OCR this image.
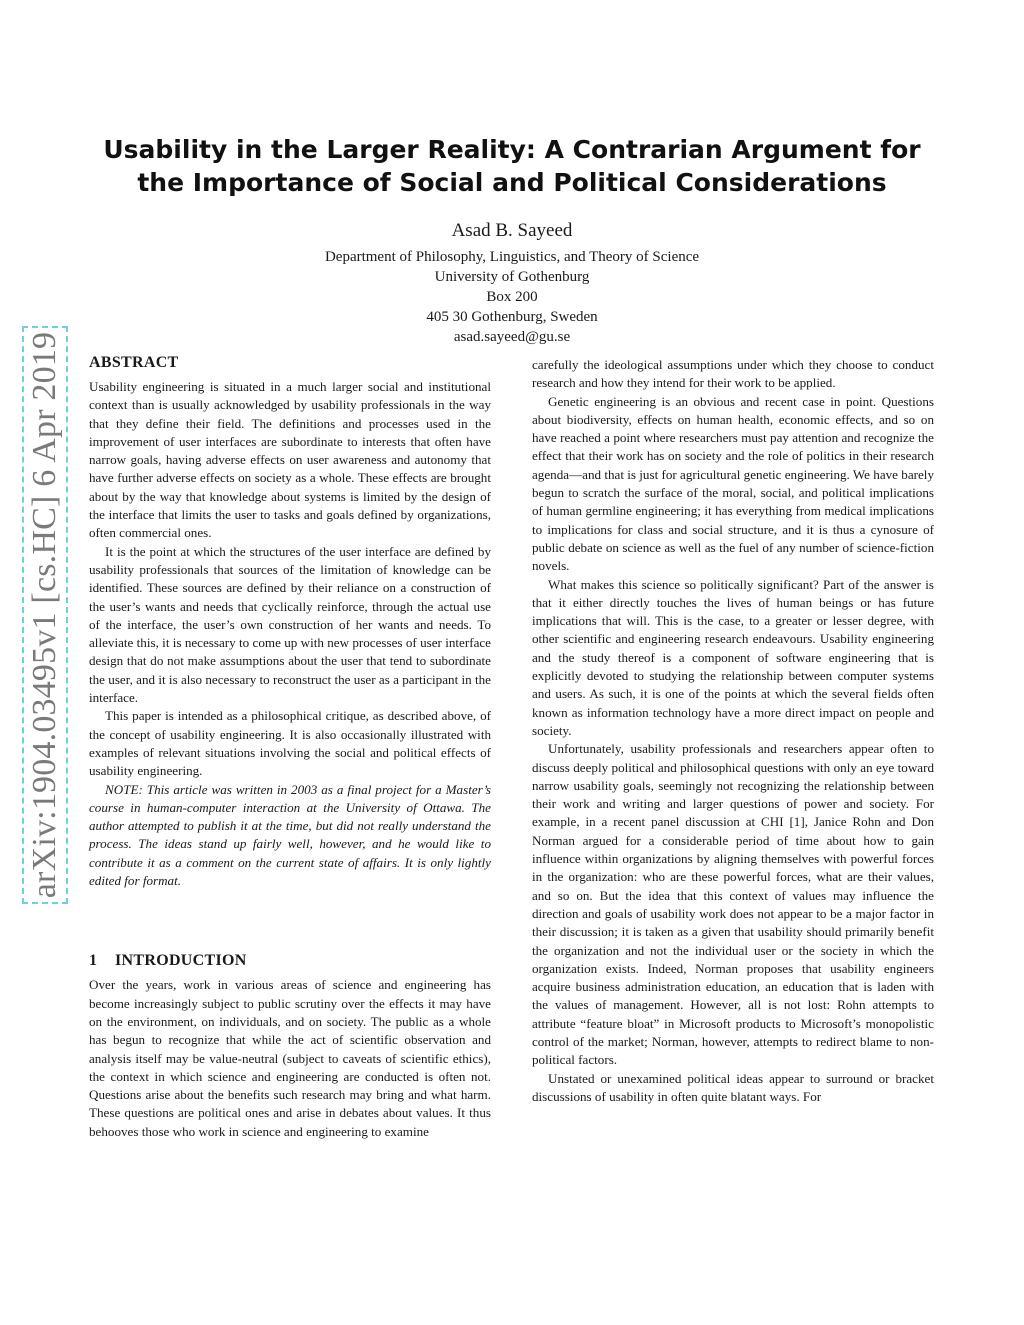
arXiv:1904.03495v1 [cs.HC] 6 Apr 2019
Usability in the Larger Reality: A Contrarian Argument for the Importance of Social and Political Considerations
Asad B. Sayeed
Department of Philosophy, Linguistics, and Theory of Science
University of Gothenburg
Box 200
405 30 Gothenburg, Sweden
asad.sayeed@gu.se
ABSTRACT

Usability engineering is situated in a much larger social and institutional context than is usually acknowledged by usability professionals in the way that they define their field. The definitions and processes used in the improvement of user interfaces are subordinate to interests that often have narrow goals, having adverse effects on user awareness and autonomy that have further adverse effects on society as a whole. These effects are brought about by the way that knowledge about systems is limited by the design of the interface that limits the user to tasks and goals defined by organizations, often commercial ones.

It is the point at which the structures of the user interface are defined by usability professionals that sources of the limitation of knowledge can be identified. These sources are defined by their reliance on a construction of the user’s wants and needs that cyclically reinforce, through the actual use of the interface, the user’s own construction of her wants and needs. To alleviate this, it is necessary to come up with new processes of user interface design that do not make assumptions about the user that tend to subordinate the user, and it is also necessary to reconstruct the user as a participant in the interface.

This paper is intended as a philosophical critique, as described above, of the concept of usability engineering. It is also occasionally illustrated with examples of relevant situations involving the social and political effects of usability engineering.

NOTE: This article was written in 2003 as a final project for a Master’s course in human-computer interaction at the University of Ottawa. The author attempted to publish it at the time, but did not really understand the process. The ideas stand up fairly well, however, and he would like to contribute it as a comment on the current state of affairs. It is only lightly edited for format.

1 INTRODUCTION

Over the years, work in various areas of science and engineering has become increasingly subject to public scrutiny over the effects it may have on the environment, on individuals, and on society. The public as a whole has begun to recognize that while the act of scientific observation and analysis itself may be value-neutral (subject to caveats of scientific ethics), the context in which science and engineering are conducted is often not. Questions arise about the benefits such research may bring and what harm. These questions are political ones and arise in debates about values. It thus behooves those who work in science and engineering to examine

carefully the ideological assumptions under which they choose to conduct research and how they intend for their work to be applied.

Genetic engineering is an obvious and recent case in point. Questions about biodiversity, effects on human health, economic effects, and so on have reached a point where researchers must pay attention and recognize the effect that their work has on society and the role of politics in their research agenda—and that is just for agricultural genetic engineering. We have barely begun to scratch the surface of the moral, social, and political implications of human germline engineering; it has everything from medical implications to implications for class and social structure, and it is thus a cynosure of public debate on science as well as the fuel of any number of science-fiction novels.

What makes this science so politically significant? Part of the answer is that it either directly touches the lives of human beings or has future implications that will. This is the case, to a greater or lesser degree, with other scientific and engineering research endeavours. Usability engineering and the study thereof is a component of software engineering that is explicitly devoted to studying the relationship between computer systems and users. As such, it is one of the points at which the several fields often known as information technology have a more direct impact on people and society.

Unfortunately, usability professionals and researchers appear often to discuss deeply political and philosophical questions with only an eye toward narrow usability goals, seemingly not recognizing the relationship between their work and writing and larger questions of power and society. For example, in a recent panel discussion at CHI [1], Janice Rohn and Don Norman argued for a considerable period of time about how to gain influence within organizations by aligning themselves with powerful forces in the organization: who are these powerful forces, what are their values, and so on. But the idea that this context of values may influence the direction and goals of usability work does not appear to be a major factor in their discussion; it is taken as a given that usability should primarily benefit the organization and not the individual user or the society in which the organization exists. Indeed, Norman proposes that usability engineers acquire business administration education, an education that is laden with the values of management. However, all is not lost: Rohn attempts to attribute “feature bloat” in Microsoft products to Microsoft’s monopolistic control of the market; Norman, however, attempts to redirect blame to non-political factors.

Unstated or unexamined political ideas appear to surround or bracket discussions of usability in often quite blatant ways. For
